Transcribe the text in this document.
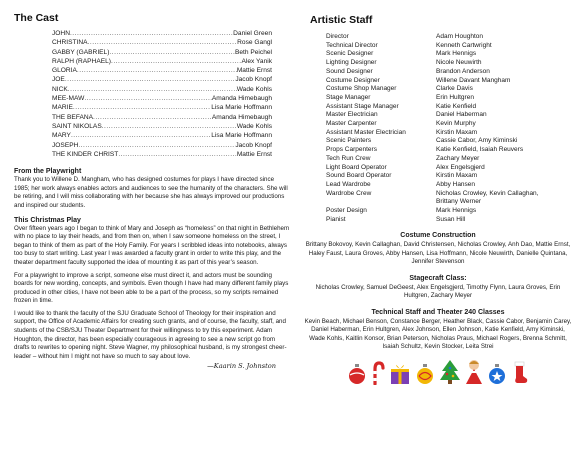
The Cast
JOHN .....	Daniel Green
CHRISTINA .....	Rose Gangl
GABBY (GABRIEL) .....	Beth Peichel
RALPH (RAPHAEL) .....	Alex Yanik
GLORIA .....	Mattie Ernst
JOE .....	Jacob Knopf
NICK .....	Wade Kohls
MEE-MAW .....	Amanda Himebaugh
MARIE .....	Lisa Marie Hoffmann
THE BEFANA .....	Amanda Himebaugh
SAINT NIKOLAS .....	Wade Kohls
MARY .....	Lisa Marie Hoffmann
JOSEPH .....	Jacob Knopf
THE KINDER CHRIST .....	Mattie Ernst
From the Playwright
Thank you to Willene D. Mangham, who has designed costumes for plays I have directed since 1985; her work always enables actors and audiences to see the humanity of the characters. She will be retiring, and I will miss collaborating with her because she has always improved our productions and inspired our students.
This Christmas Play
Over fifteen years ago I began to think of Mary and Joseph as “homeless” on that night in Bethlehem with no place to lay their heads, and from then on, when I saw someone homeless on the street, I began to think of them as part of the Holy Family. For years I scribbled ideas into notebooks, always too busy to start writing. Last year I was awarded a faculty grant in order to write this play, and the theater department faculty supported the idea of mounting it as part of this year’s season.
For a playwright to improve a script, someone else must direct it, and actors must be sounding boards for new wording, concepts, and symbols. Even though I have had many different family plays produced in other cities, I have not been able to be a part of the process, so my scripts remained frozen in time.
I would like to thank the faculty of the SJU Graduate School of Theology for their inspiration and support, the Office of Academic Affairs for creating such grants, and of course, the faculty, staff, and students of the CSB/SJU Theater Department for their willingness to try this experiment. Adam Houghton, the director, has been especially courageous in agreeing to see a new script go from drafts to rewrites to opening night. Steve Wagner, my philosophical husband, is my strongest cheer-leader – without him I might not have so much to say about love.
—Kaarin S. Johnston
Artistic Staff
Director	Adam Houghton
Technical Director	Kenneth Cartwright
Scenic Designer	Mark Hennigs
Lighting Designer	Nicole Neuwirth
Sound Designer	Brandon Anderson
Costume Designer	Willene Davant Mangham
Costume Shop Manager	Clarke Davis
Stage Manager	Erin Hultgren
Assistant Stage Manager	Katie Kenfield
Master Electrician	Daniel Haberman
Master Carpenter	Kevin Murphy
Assistant Master Electrician	Kirstin Maxam
Scenic Painters	Cassie Cabor, Amy Kiminski
Props Carpenters	Katie Kenfield, Isaiah Reuvers
Tech Run Crew	Zachary Meyer
Light Board Operator	Alex Engelsgjerd
Sound Board Operator	Kirstin Maxam
Lead Wardrobe	Abby Hansen
Wardrobe Crew	Nicholas Crowley, Kevin Callaghan,
Brittany Werner
Poster Design	Mark Hennigs
Pianist	Susan Hill
Costume Construction
Brittany Bokovoy, Kevin Callaghan, David Christensen, Nicholas Crowley, Anh Dao, Mattie Ernst, Haley Faust, Laura Groves, Abby Hansen, Lisa Hoffmann, Nicole Neuwirth, Danielle Quintana, Jennifer Stevenson
Stagecraft Class:
Nicholas Crowley, Samuel DeGeest, Alex Engelsgjerd, Timothy Flynn, Laura Groves, Erin Hultgren, Zachary Meyer
Technical Staff and Theater 240 Classes
Kevin Beach, Michael Benson, Constance Berger, Heather Black, Cassie Cabor, Benjamin Carey, Daniel Haberman, Erin Hultgren, Alex Johnson, Ellen Johnson, Katie Kenfield, Amy Kiminski, Wade Kohls, Kaitlin Konsor, Brian Peterson, Nicholas Praus, Michael Rogers, Brenna Schmitt, Isaiah Schultz, Kevin Stocker, Leita Strei
